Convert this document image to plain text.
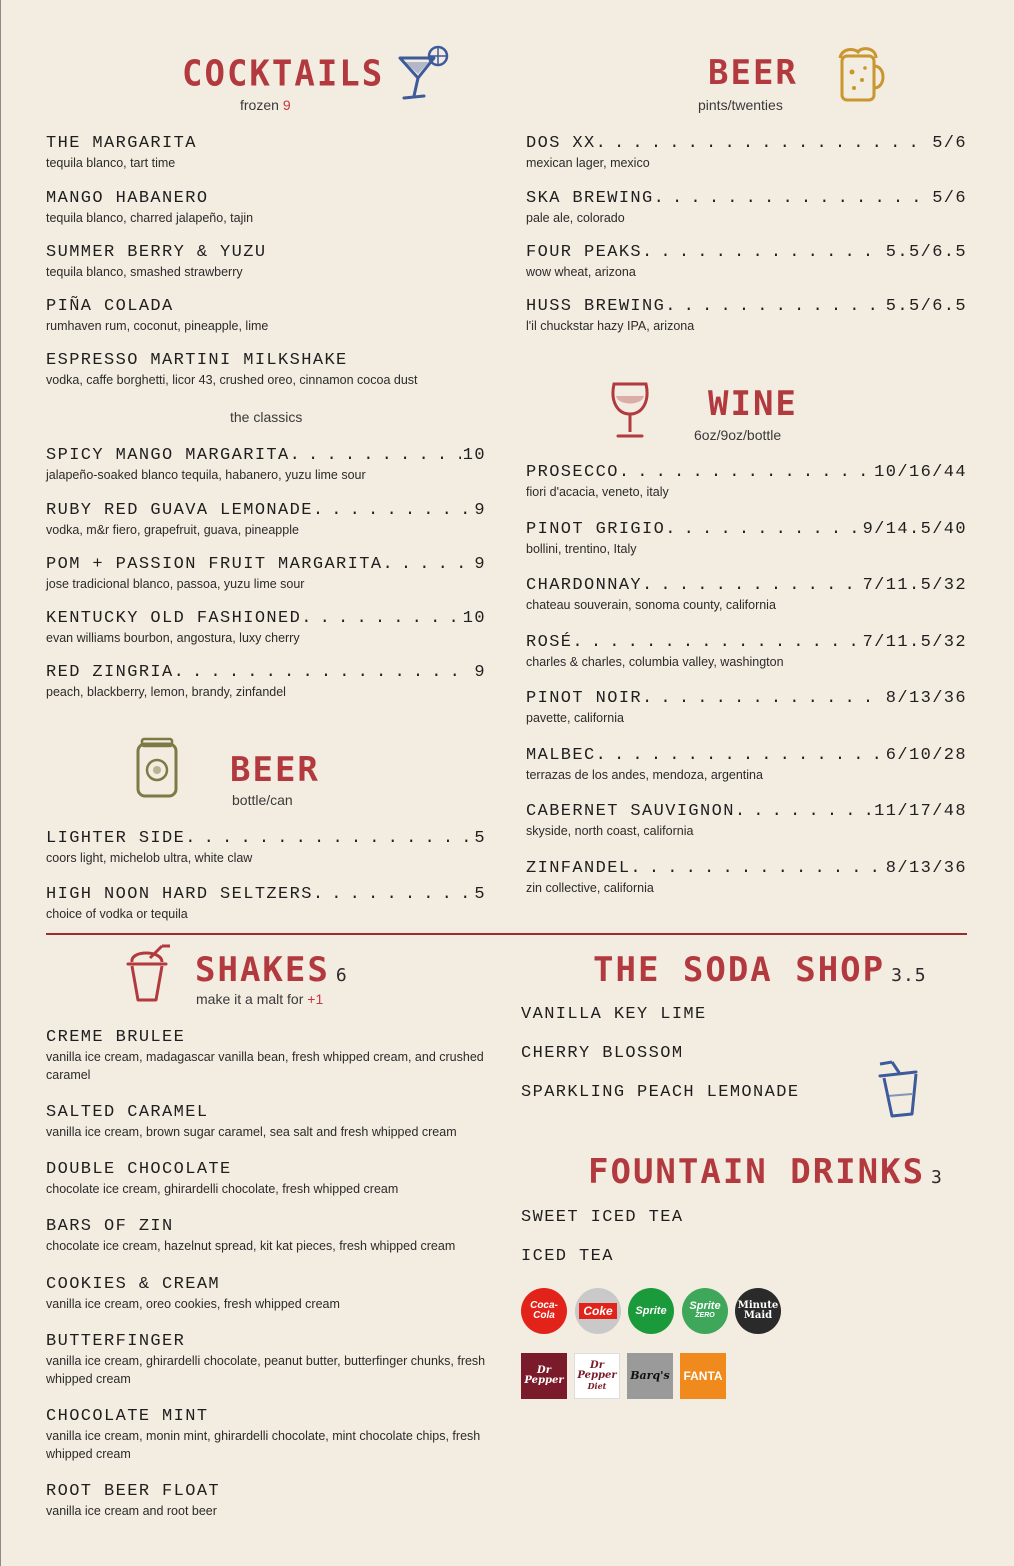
COCKTAILS
frozen 9
THE MARGARITA
tequila blanco, tart time
MANGO HABANERO
tequila blanco, charred jalapeño, tajin
SUMMER BERRY & YUZU
tequila blanco, smashed strawberry
PIÑA COLADA
rumhaven rum, coconut, pineapple, lime
ESPRESSO MARTINI MILKSHAKE
vodka, caffe borghetti, licor 43, crushed oreo, cinnamon cocoa dust
the classics
SPICY MANGO MARGARITA . . .	10
jalapeño-soaked blanco tequila, habanero, yuzu lime sour
RUBY RED GUAVA LEMONADE . . .	9
vodka, m&r fiero, grapefruit, guava, pineapple
POM + PASSION FRUIT MARGARITA . . .	9
jose tradicional blanco, passoa, yuzu lime sour
KENTUCKY OLD FASHIONED . . .	10
evan williams bourbon, angostura, luxy cherry
RED ZINGRIA . . .	9
peach, blackberry, lemon, brandy, zinfandel
BEER
bottle/can
LIGHTER SIDE . . .	5
coors light, michelob ultra, white claw
HIGH NOON HARD SELTZERS . . .	5
choice of vodka or tequila
BEER
pints/twenties
DOS XX . . .	5/6
mexican lager, mexico
SKA BREWING . . .	5/6
pale ale, colorado
FOUR PEAKS . . .	5.5/6.5
wow wheat, arizona
HUSS BREWING . . .	5.5/6.5
l'il chuckstar hazy IPA, arizona
WINE
6oz/9oz/bottle
PROSECCO . . .	10/16/44
fiori d'acacia, veneto, italy
PINOT GRIGIO . . .	9/14.5/40
bollini, trentino, Italy
CHARDONNAY . . .	7/11.5/32
chateau souverain, sonoma county, california
ROSÉ . . .	7/11.5/32
charles & charles, columbia valley, washington
PINOT NOIR . . .	8/13/36
pavette, california
MALBEC . . .	6/10/28
terrazas de los andes, mendoza, argentina
CABERNET SAUVIGNON . . .	11/17/48
skyside, north coast, california
ZINFANDEL . . .	8/13/36
zin collective, california
SHAKES 6
make it a malt for +1
CREME BRULEE
vanilla ice cream, madagascar vanilla bean, fresh whipped cream, and crushed caramel
SALTED CARAMEL
vanilla ice cream, brown sugar caramel, sea salt and fresh whipped cream
DOUBLE CHOCOLATE
chocolate ice cream, ghirardelli chocolate, fresh whipped cream
BARS OF ZIN
chocolate ice cream, hazelnut spread, kit kat pieces, fresh whipped cream
COOKIES & CREAM
vanilla ice cream, oreo cookies, fresh whipped cream
BUTTERFINGER
vanilla ice cream, ghirardelli chocolate, peanut butter, butterfinger chunks, fresh whipped cream
CHOCOLATE MINT
vanilla ice cream, monin mint, ghirardelli chocolate, mint chocolate chips, fresh whipped cream
ROOT BEER FLOAT
vanilla ice cream and root beer
THE SODA SHOP 3.5
VANILLA KEY LIME
CHERRY BLOSSOM
SPARKLING PEACH LEMONADE
FOUNTAIN DRINKS 3
SWEET ICED TEA
ICED TEA
Coca-Cola	Coke	Sprite	Sprite
ZERO
Minute Maid
Dr Pepper
Dr Pepper
Diet
Barq's FANTA
